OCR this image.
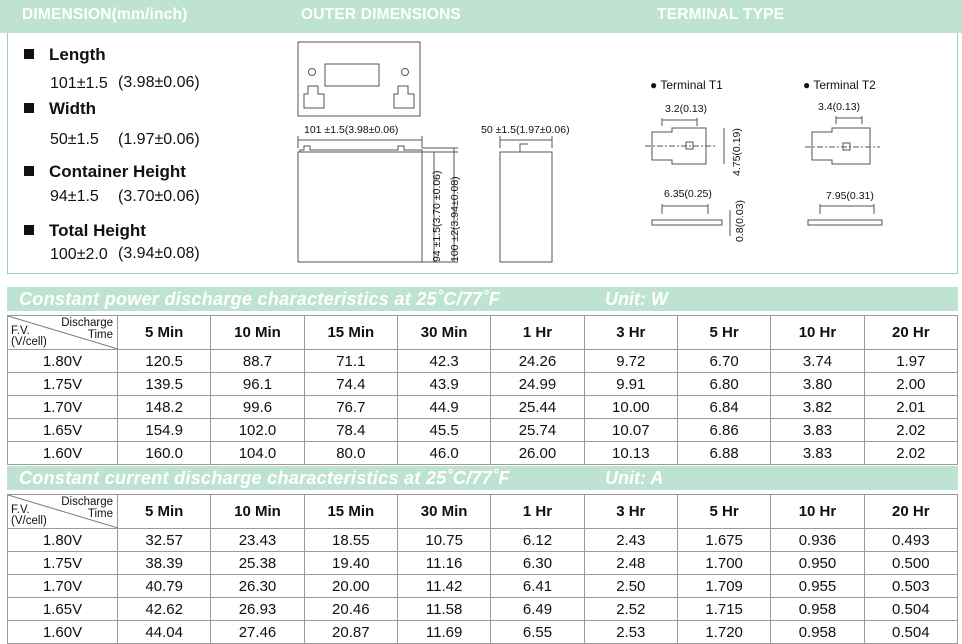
DIMENSION(mm/inch)	OUTER DIMENSIONS	TERMINAL TYPE
Length
101±1.5 (3.98±0.06)
Width
50±1.5 (1.97±0.06)
Container Height
94±1.5 (3.70±0.06)
Total Height
100±2.0 (3.94±0.08)
101 ±1.5(3.98±0.06)	50 ±1.5(1.97±0.06)
94 ±1.5(3.70 ±0.06) 100 ±2(3.94±0.08)
● Terminal T1	● Terminal T2
3.2(0.13)
4.75(0.19)
6.35(0.25)
0.8(0.03)
3.4(0.13)
7.95(0.31)
Constant power discharge characteristics at 25˚C/77˚F	Unit: W
Discharge
Time
F.V.
(V/cell)	5 Min	10 Min	15 Min	30 Min	1 Hr	3 Hr	5 Hr	10 Hr	20 Hr
1.80V	120.5	88.7	71.1	42.3	24.26	9.72	6.70	3.74	1.97
1.75V	139.5	96.1	74.4	43.9	24.99	9.91	6.80	3.80	2.00
1.70V	148.2	99.6	76.7	44.9	25.44	10.00	6.84	3.82	2.01
1.65V	154.9	102.0	78.4	45.5	25.74	10.07	6.86	3.83	2.02
1.60V	160.0	104.0	80.0	46.0	26.00	10.13	6.88	3.83	2.02
Constant current discharge characteristics at 25˚C/77˚F	Unit: A
Discharge
Time
F.V.
(V/cell)	5 Min	10 Min	15 Min	30 Min	1 Hr	3 Hr	5 Hr	10 Hr	20 Hr
1.80V	32.57	23.43	18.55	10.75	6.12	2.43	1.675	0.936	0.493
1.75V	38.39	25.38	19.40	11.16	6.30	2.48	1.700	0.950	0.500
1.70V	40.79	26.30	20.00	11.42	6.41	2.50	1.709	0.955	0.503
1.65V	42.62	26.93	20.46	11.58	6.49	2.52	1.715	0.958	0.504
1.60V	44.04	27.46	20.87	11.69	6.55	2.53	1.720	0.958	0.504
